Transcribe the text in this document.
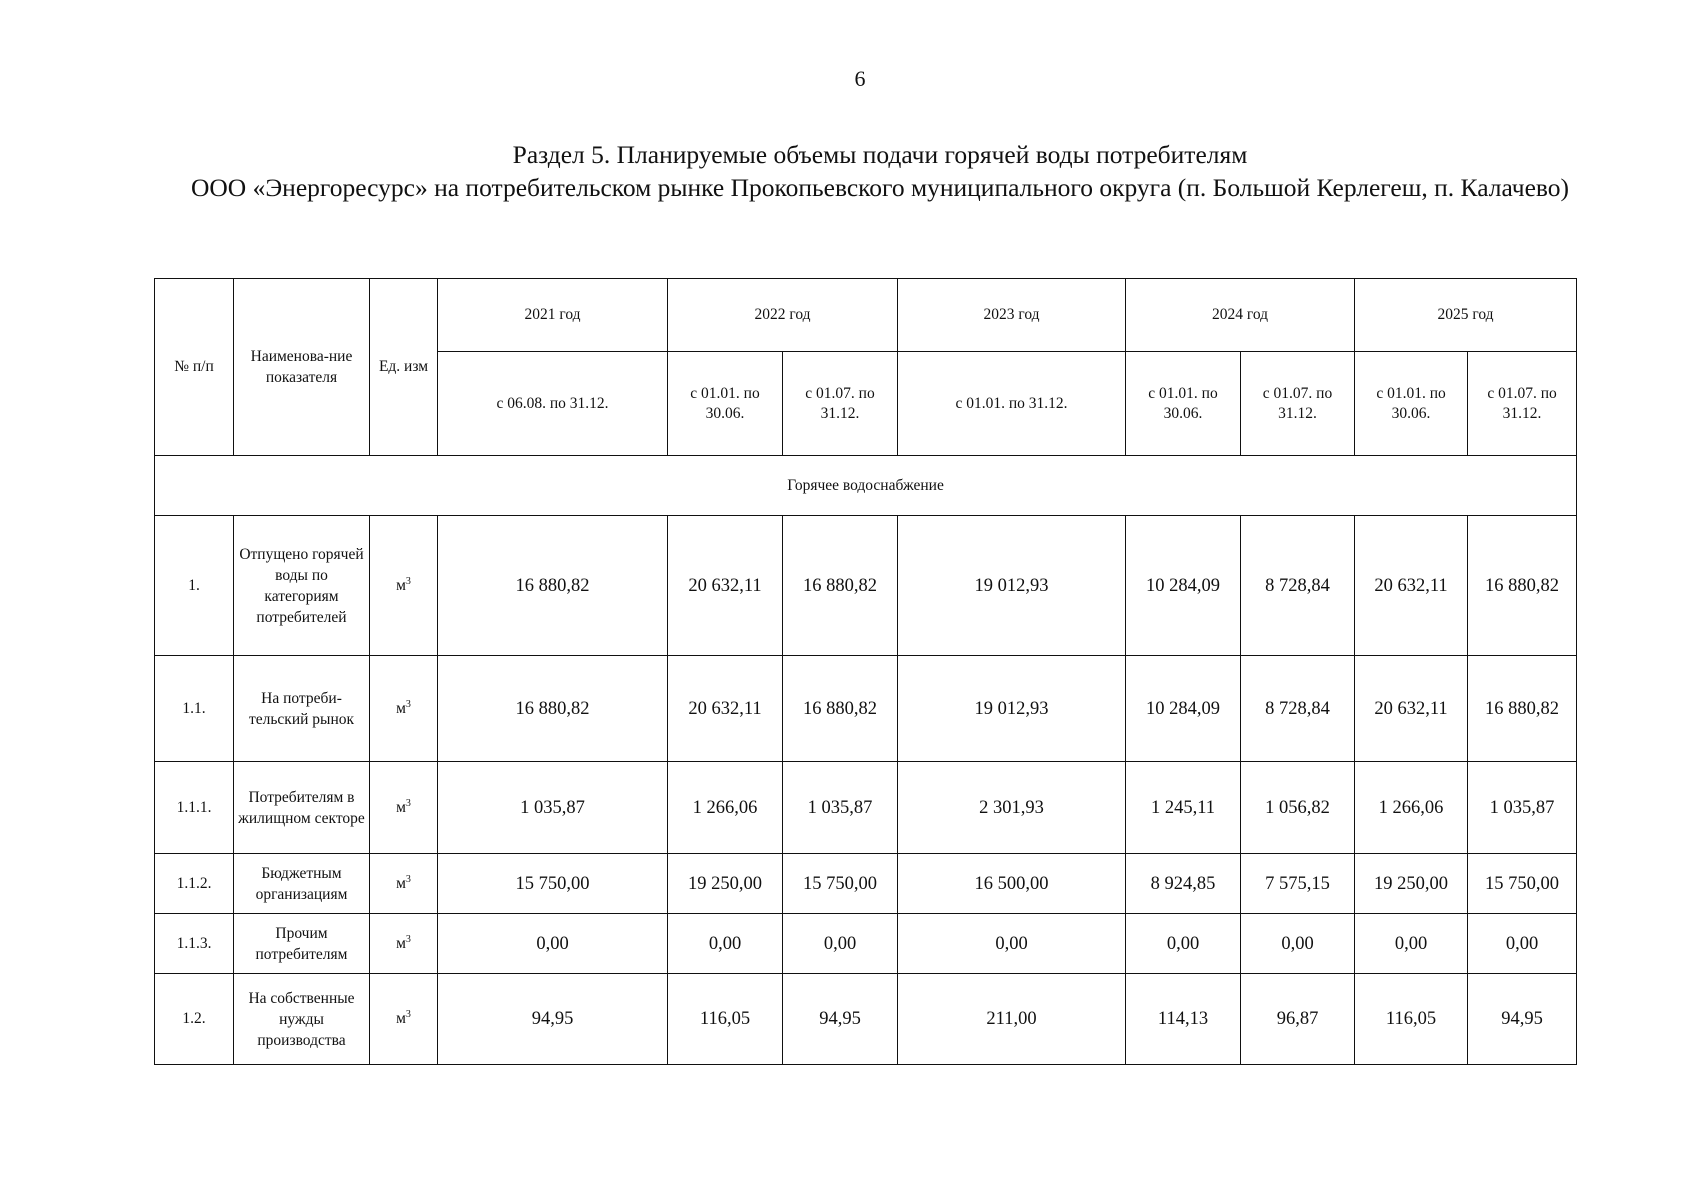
6
Раздел 5. Планируемые объемы подачи горячей воды потребителям
ООО «Энергоресурс» на потребительском рынке Прокопьевского муниципального округа (п. Большой Керлегеш, п. Калачево)
№ п/п	Наименова-ние показателя	Ед. изм	2021 год	2022 год		2023 год	2024 год		2025 год	
			с 06.08. по 31.12.	с 01.01. по 30.06.	с 01.07. по 31.12.	с 01.01. по 31.12.	с 01.01. по 30.06.	с 01.07. по 31.12.	с 01.01. по 30.06.	с 01.07. по 31.12.
Горячее водоснабжение										
1.	Отпущено горячей воды по категориям потребителей	$м^3$	16 880,82	20 632,11	16 880,82	19 012,93	10 284,09	8 728,84	20 632,11	16 880,82
1.1.	На потреби-тельский рынок	$м^3$	16 880,82	20 632,11	16 880,82	19 012,93	10 284,09	8 728,84	20 632,11	16 880,82
1.1.1.	Потребителям в жилищном секторе	$м^3$	1 035,87	1 266,06	1 035,87	2 301,93	1 245,11	1 056,82	1 266,06	1 035,87
1.1.2.	Бюджетным организациям	$м^3$	15 750,00	19 250,00	15 750,00	16 500,00	8 924,85	7 575,15	19 250,00	15 750,00
1.1.3.	Прочим потребителям	$м^3$	0,00	0,00	0,00	0,00	0,00	0,00	0,00	0,00
1.2.	На собственные нужды производства	$м^3$	94,95	116,05	94,95	211,00	114,13	96,87	116,05	94,95
